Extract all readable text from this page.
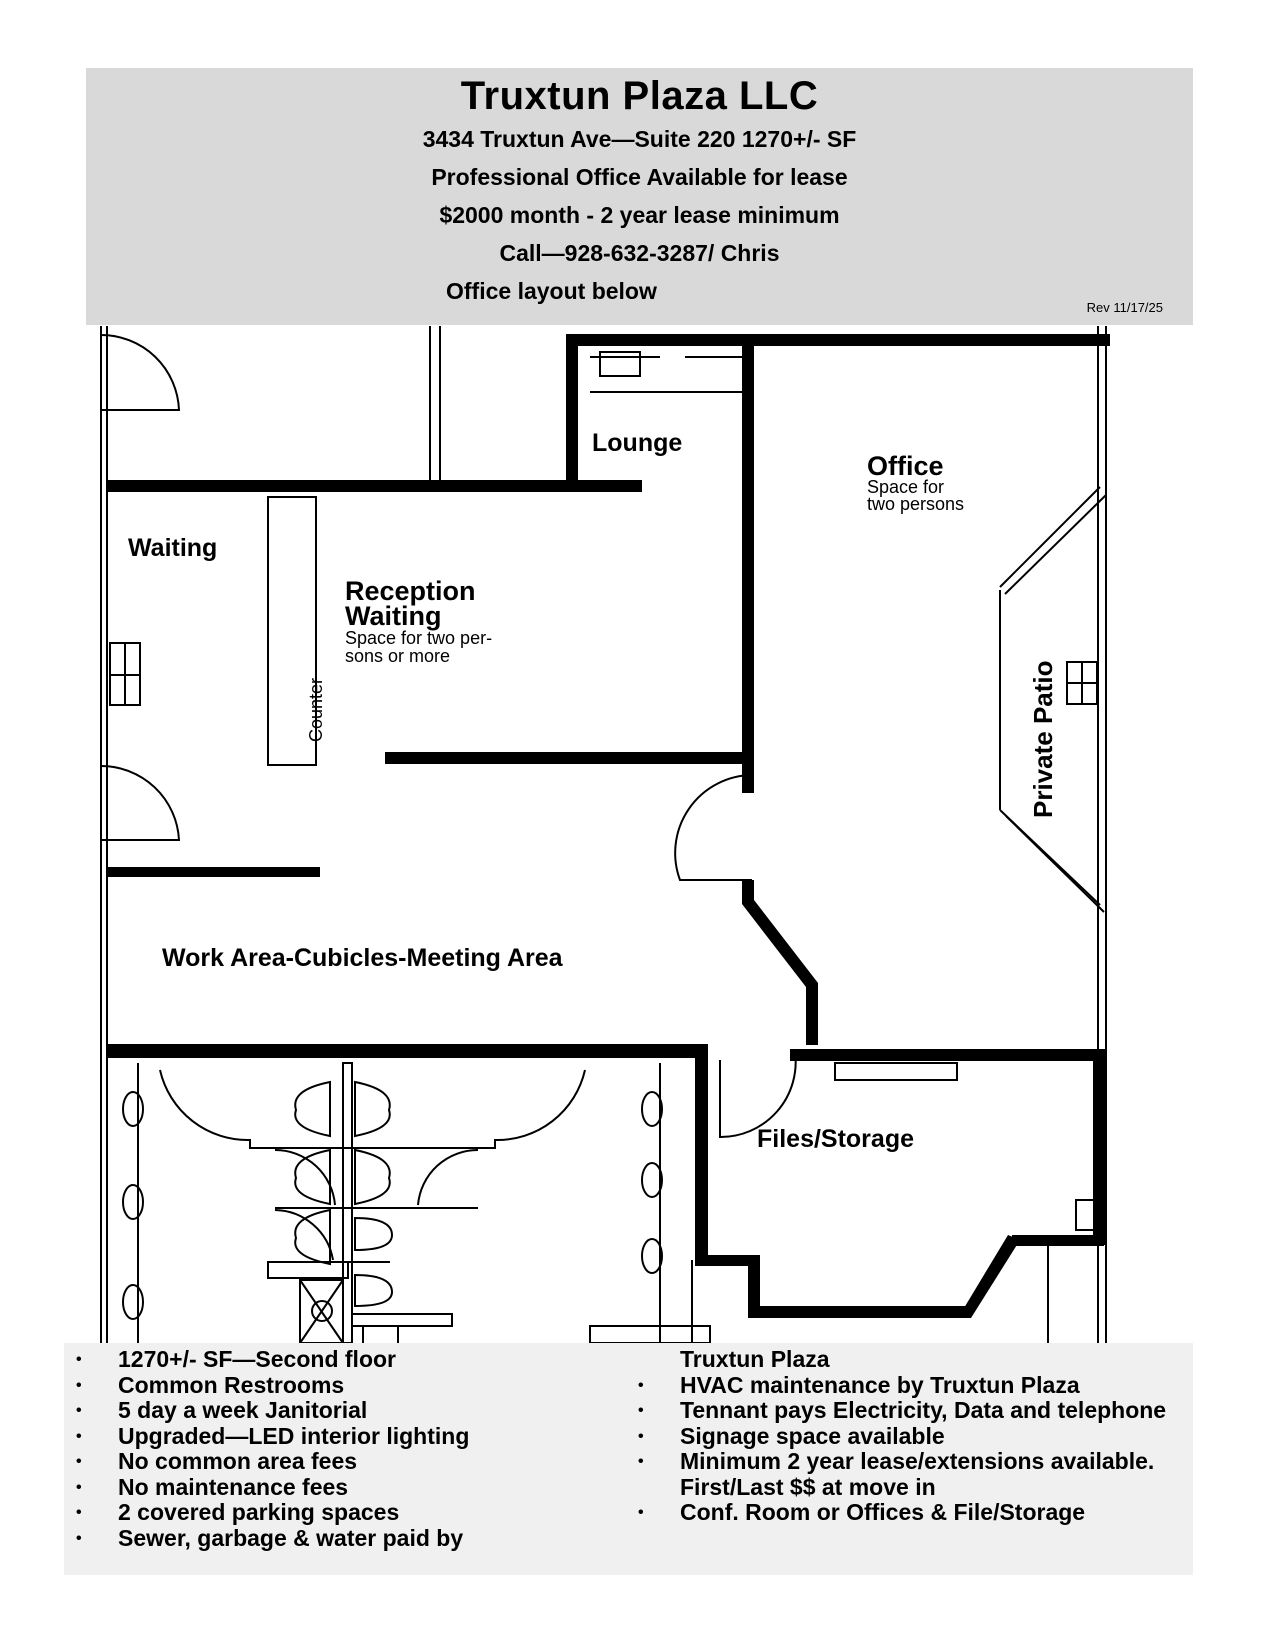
Truxtun Plaza LLC
3434 Truxtun Ave—Suite 220 1270+/- SF
Professional Office Available for lease
$2000 month - 2 year lease minimum
Call—928-632-3287/ Chris
Office layout below
Rev 11/17/25
Lounge
Office
Space for
two persons
Waiting
Reception
Waiting
Space for two per-
sons or more
Counter	Private Patio
Work Area-Cubicles-Meeting Area
Files/Storage
• 1270+/- SF—Second floor
• Common Restrooms
• 5 day a week Janitorial
• Upgraded—LED interior lighting
• No common area fees
• No maintenance fees
• 2 covered parking spaces
• Sewer, garbage & water paid by
Truxtun Plaza
• HVAC maintenance by Truxtun Plaza
• Tennant pays Electricity, Data and telephone
• Signage space available
• Minimum 2 year lease/extensions available. First/Last $$ at move in
• Conf. Room or Offices & File/Storage
